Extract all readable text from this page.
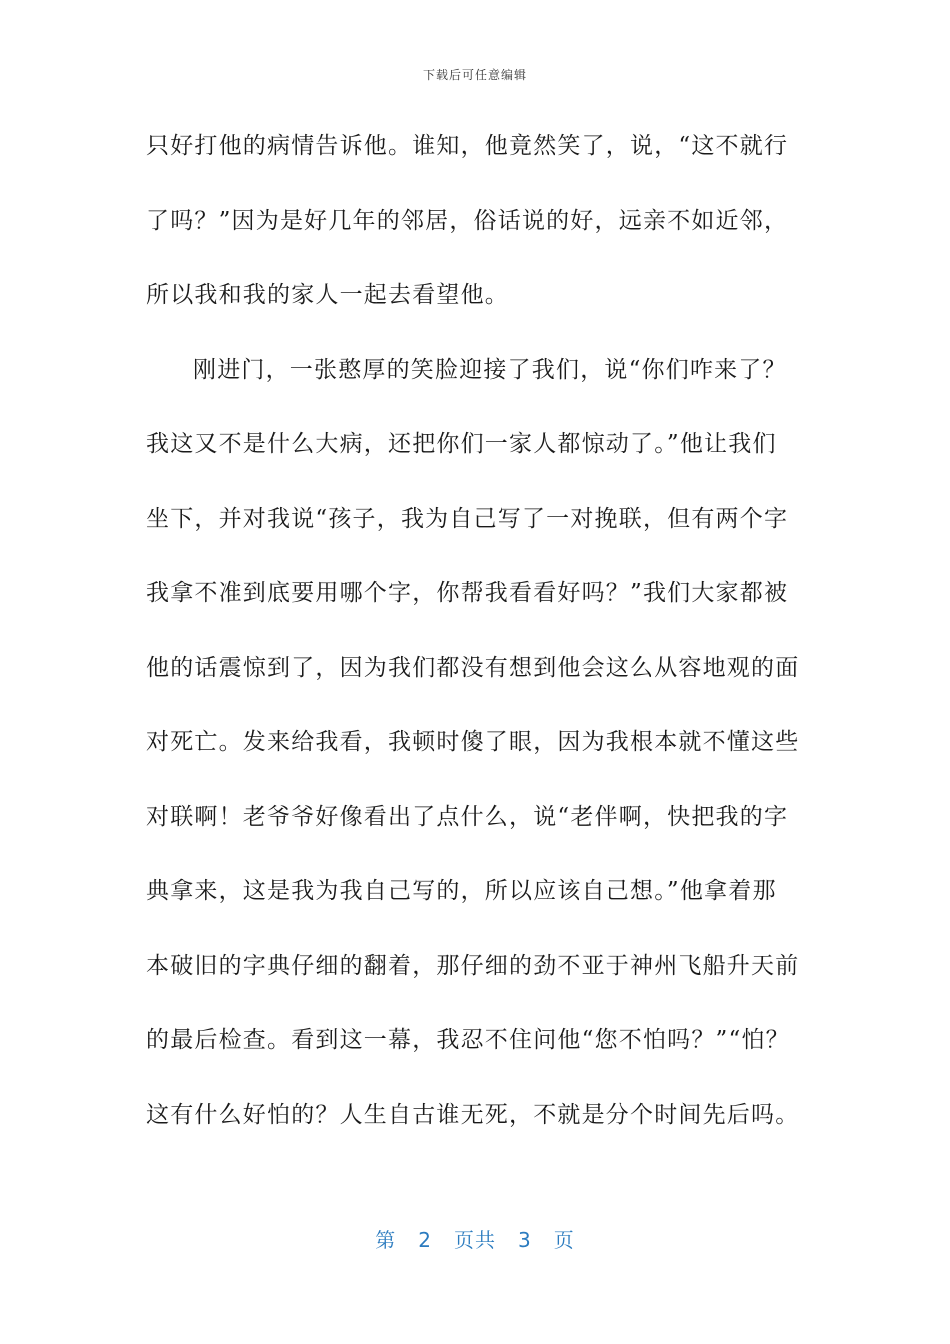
下载后可任意编辑
只好打他的病情告诉他。谁知，他竟然笑了，说，“这不就行
了吗？”因为是好几年的邻居，俗话说的好，远亲不如近邻，
所以我和我的家人一起去看望他。
刚进门，一张憨厚的笑脸迎接了我们，说“你们咋来了？
我这又不是什么大病，还把你们一家人都惊动了。”他让我们
坐下，并对我说“孩子，我为自己写了一对挽联，但有两个字
我拿不准到底要用哪个字，你帮我看看好吗？”我们大家都被
他的话震惊到了，因为我们都没有想到他会这么从容地观的面
对死亡。发来给我看，我顿时傻了眼，因为我根本就不懂这些
对联啊！老爷爷好像看出了点什么，说“老伴啊，快把我的字
典拿来，这是我为我自己写的，所以应该自己想。”他拿着那
本破旧的字典仔细的翻着，那仔细的劲不亚于神州飞船升天前
的最后检查。看到这一幕，我忍不住问他“您不怕吗？”“怕？
这有什么好怕的？人生自古谁无死，不就是分个时间先后吗。
第 2 页共 3 页
